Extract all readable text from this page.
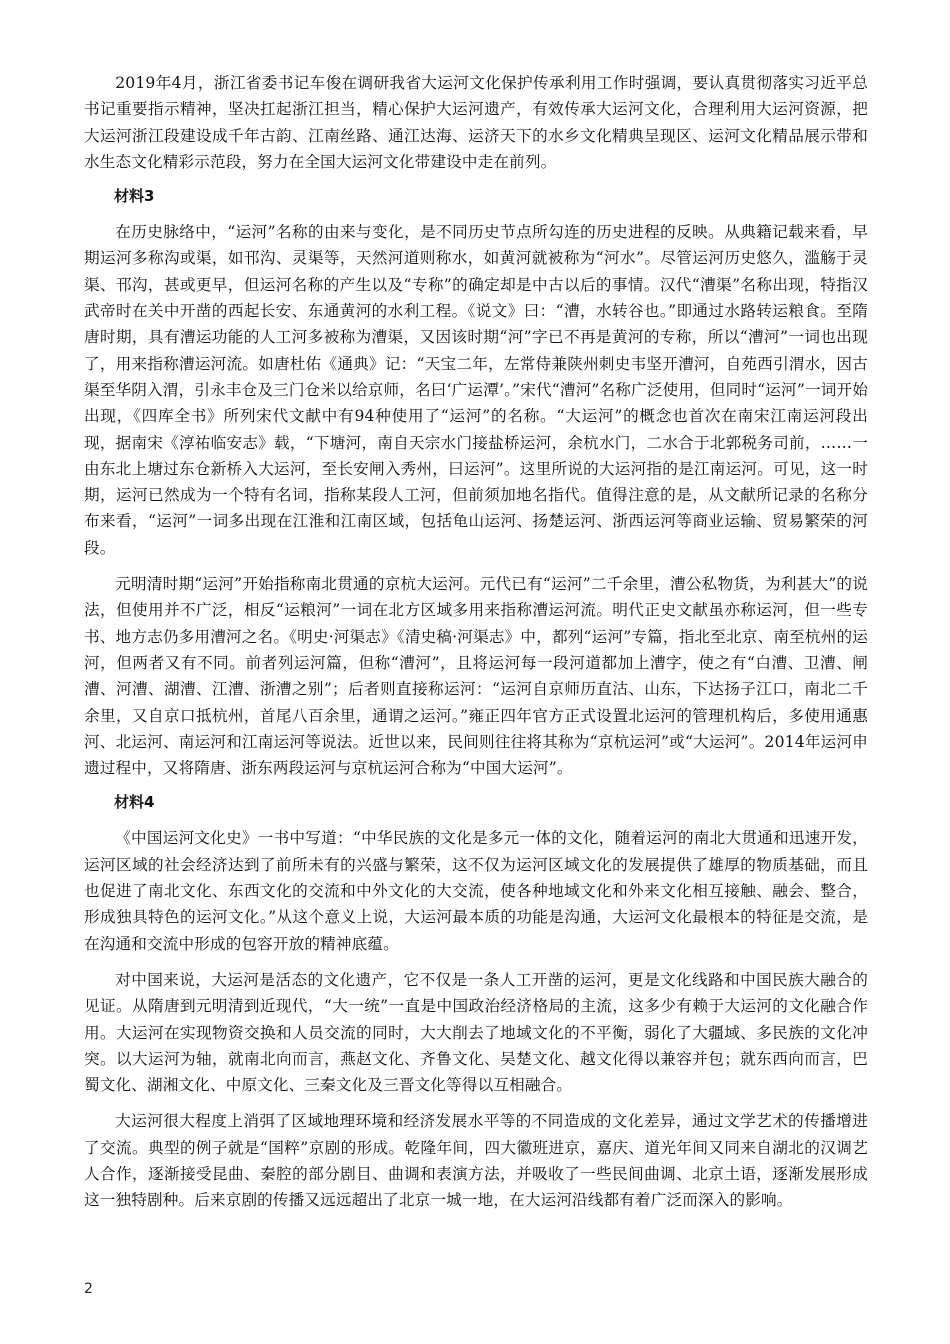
2019年4月，浙江省委书记车俊在调研我省大运河文化保护传承利用工作时强调，要认真贯彻落实习近平总书记重要指示精神，坚决扛起浙江担当，精心保护大运河遗产，有效传承大运河文化，合理利用大运河资源，把大运河浙江段建设成千年古韵、江南丝路、通江达海、运济天下的水乡文化精典呈现区、运河文化精品展示带和水生态文化精彩示范段，努力在全国大运河文化带建设中走在前列。

材料3

在历史脉络中，“运河”名称的由来与变化，是不同历史节点所勾连的历史进程的反映。从典籍记载来看，早期运河多称沟或渠，如邗沟、灵渠等，天然河道则称水，如黄河就被称为“河水”。尽管运河历史悠久，滥觞于灵渠、邗沟，甚或更早，但运河名称的产生以及“专称”的确定却是中古以后的事情。汉代“漕渠”名称出现，特指汉武帝时在关中开凿的西起长安、东通黄河的水利工程。《说文》曰：“漕，水转谷也。”即通过水路转运粮食。至隋唐时期，具有漕运功能的人工河多被称为漕渠，又因该时期“河”字已不再是黄河的专称，所以“漕河”一词也出现了，用来指称漕运河流。如唐杜佑《通典》记：“天宝二年，左常侍兼陕州刺史韦坚开漕河，自苑西引渭水，因古渠至华阴入渭，引永丰仓及三门仓米以给京师，名曰‘广运潭’。”宋代“漕河”名称广泛使用，但同时“运河”一词开始出现，《四库全书》所列宋代文献中有94种使用了“运河”的名称。“大运河”的概念也首次在南宋江南运河段出现，据南宋《淳祐临安志》载，“下塘河，南自天宗水门接盐桥运河，余杭水门，二水合于北郭税务司前，……一由东北上塘过东仓新桥入大运河，至长安闸入秀州，曰运河”。这里所说的大运河指的是江南运河。可见，这一时期，运河已然成为一个特有名词，指称某段人工河，但前须加地名指代。值得注意的是，从文献所记录的名称分布来看，“运河”一词多出现在江淮和江南区域，包括龟山运河、扬楚运河、浙西运河等商业运输、贸易繁荣的河段。

元明清时期“运河”开始指称南北贯通的京杭大运河。元代已有“运河”二千余里，漕公私物货，为利甚大”的说法，但使用并不广泛，相反“运粮河”一词在北方区域多用来指称漕运河流。明代正史文献虽亦称运河，但一些专书、地方志仍多用漕河之名。《明史·河渠志》《清史稿·河渠志》中，都列“运河”专篇，指北至北京、南至杭州的运河，但两者又有不同。前者列运河篇，但称“漕河”，且将运河每一段河道都加上漕字，使之有“白漕、卫漕、闸漕、河漕、湖漕、江漕、浙漕之别”；后者则直接称运河：“运河自京师历直沽、山东，下达扬子江口，南北二千余里，又自京口抵杭州，首尾八百余里，通谓之运河。”雍正四年官方正式设置北运河的管理机构后，多使用通惠河、北运河、南运河和江南运河等说法。近世以来，民间则往往将其称为“京杭运河”或“大运河”。2014年运河申遗过程中，又将隋唐、浙东两段运河与京杭运河合称为“中国大运河”。

材料4

《中国运河文化史》一书中写道：“中华民族的文化是多元一体的文化，随着运河的南北大贯通和迅速开发，运河区域的社会经济达到了前所未有的兴盛与繁荣，这不仅为运河区域文化的发展提供了雄厚的物质基础，而且也促进了南北文化、东西文化的交流和中外文化的大交流，使各种地域文化和外来文化相互接触、融会、整合，形成独具特色的运河文化。”从这个意义上说，大运河最本质的功能是沟通，大运河文化最根本的特征是交流，是在沟通和交流中形成的包容开放的精神底蕴。

对中国来说，大运河是活态的文化遗产，它不仅是一条人工开凿的运河，更是文化线路和中国民族大融合的见证。从隋唐到元明清到近现代，“大一统”一直是中国政治经济格局的主流，这多少有赖于大运河的文化融合作用。大运河在实现物资交换和人员交流的同时，大大削去了地域文化的不平衡，弱化了大疆域、多民族的文化冲突。以大运河为轴，就南北向而言，燕赵文化、齐鲁文化、吴楚文化、越文化得以兼容并包；就东西向而言，巴蜀文化、湖湘文化、中原文化、三秦文化及三晋文化等得以互相融合。

大运河很大程度上消弭了区域地理环境和经济发展水平等的不同造成的文化差异，通过文学艺术的传播增进了交流。典型的例子就是“国粹”京剧的形成。乾隆年间，四大徽班进京，嘉庆、道光年间又同来自湖北的汉调艺人合作，逐渐接受昆曲、秦腔的部分剧目、曲调和表演方法，并吸收了一些民间曲调、北京土语，逐渐发展形成这一独特剧种。后来京剧的传播又远远超出了北京一城一地，在大运河沿线都有着广泛而深入的影响。

2
